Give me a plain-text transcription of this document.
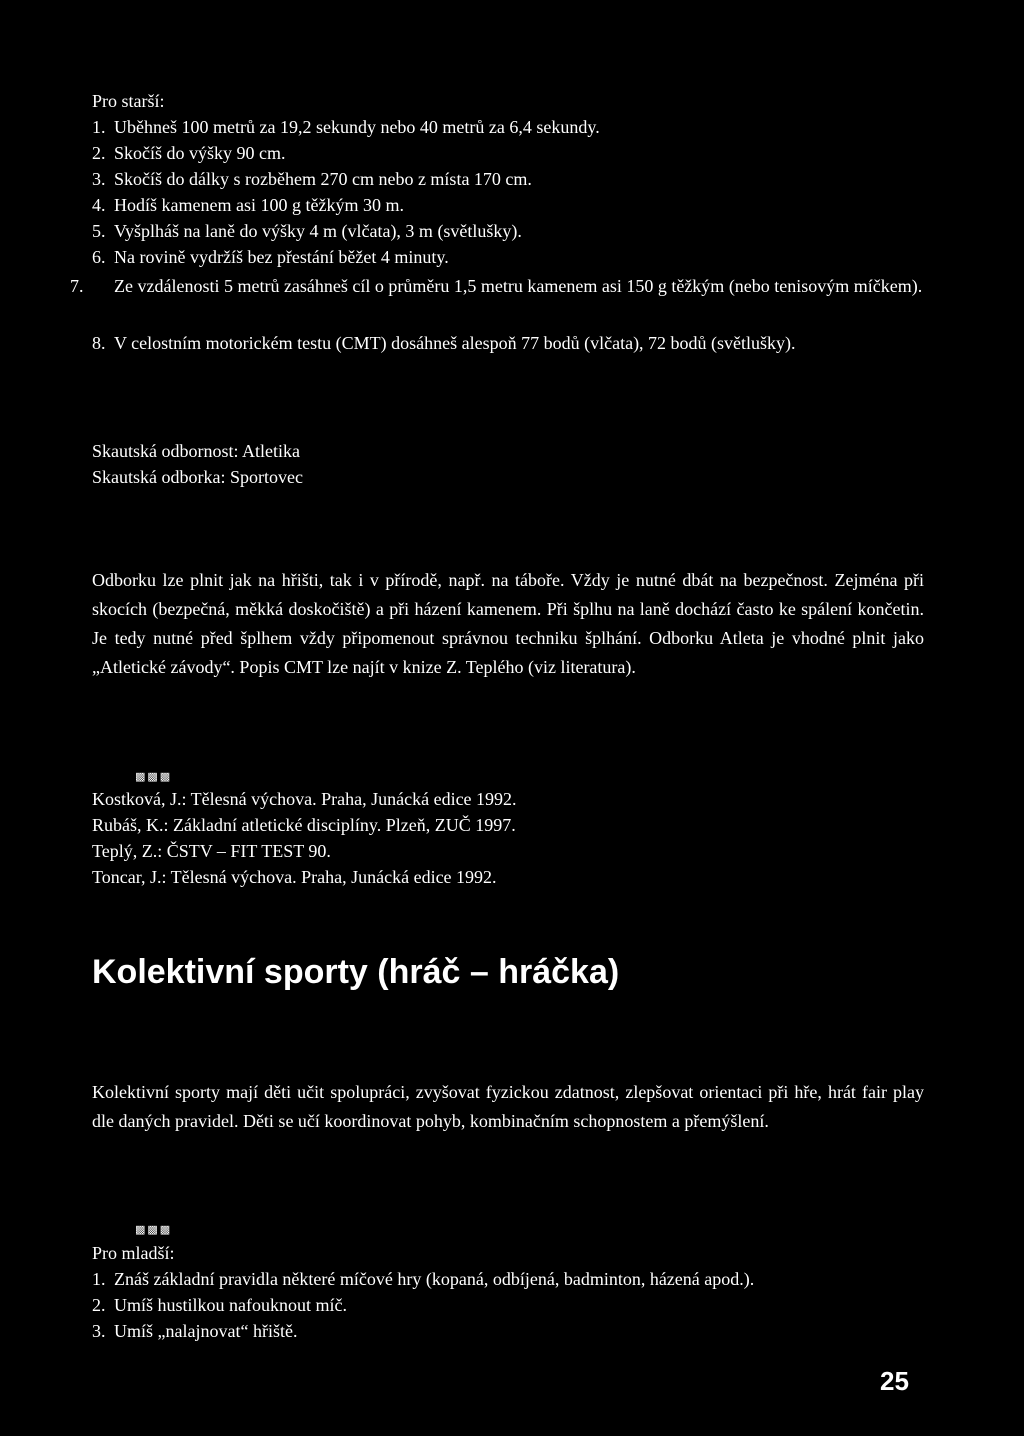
Pro starší:
1. Uběhneš 100 metrů za 19,2 sekundy nebo 40 metrů za 6,4 sekundy.
2. Skočíš do výšky 90 cm.
3. Skočíš do dálky s rozběhem 270 cm nebo z místa 170 cm.
4. Hodíš kamenem asi 100 g těžkým 30 m.
5. Vyšplháš na laně do výšky 4 m (vlčata), 3 m (světlušky).
6. Na rovině vydržíš bez přestání běžet 4 minuty.
7. Ze vzdálenosti 5 metrů zasáhneš cíl o průměru 1,5 metru kamenem asi 150 g těžkým (nebo tenisovým míčkem).
8. V celostním motorickém testu (CMT) dosáhneš alespoň 77 bodů (vlčata), 72 bodů (světlušky).
Skautská odbornost: Atletika
Skautská odborka: Sportovec
Odborku lze plnit jak na hřišti, tak i v přírodě, např. na táboře. Vždy je nutné dbát na bezpečnost. Zejména při skocích (bezpečná, měkká doskočiště) a při házení kamenem. Při šplhu na laně dochází často ke spálení končetin. Je tedy nutné před šplhem vždy připomenout správnou techniku šplhání. Odborku Atleta je vhodné plnit jako „Atletické závody“. Popis CMT lze najít v knize Z. Teplého (viz literatura).
▩▩▩
Kostková, J.: Tělesná výchova. Praha, Junácká edice 1992.
Rubáš, K.: Základní atletické disciplíny. Plzeň, ZUČ 1997.
Teplý, Z.: ČSTV – FIT TEST 90.
Toncar, J.: Tělesná výchova. Praha, Junácká edice 1992.
Kolektivní sporty (hráč – hráčka)
Kolektivní sporty mají děti učit spolupráci, zvyšovat fyzickou zdatnost, zlepšovat orientaci při hře, hrát fair play dle daných pravidel. Děti se učí koordinovat pohyb, kombinačním schopnostem a přemýšlení.
▩▩▩
Pro mladší:
1. Znáš základní pravidla některé míčové hry (kopaná, odbíjená, badminton, házená apod.).
2. Umíš hustilkou nafouknout míč.
3. Umíš „nalajnovat“ hřiště.
25
